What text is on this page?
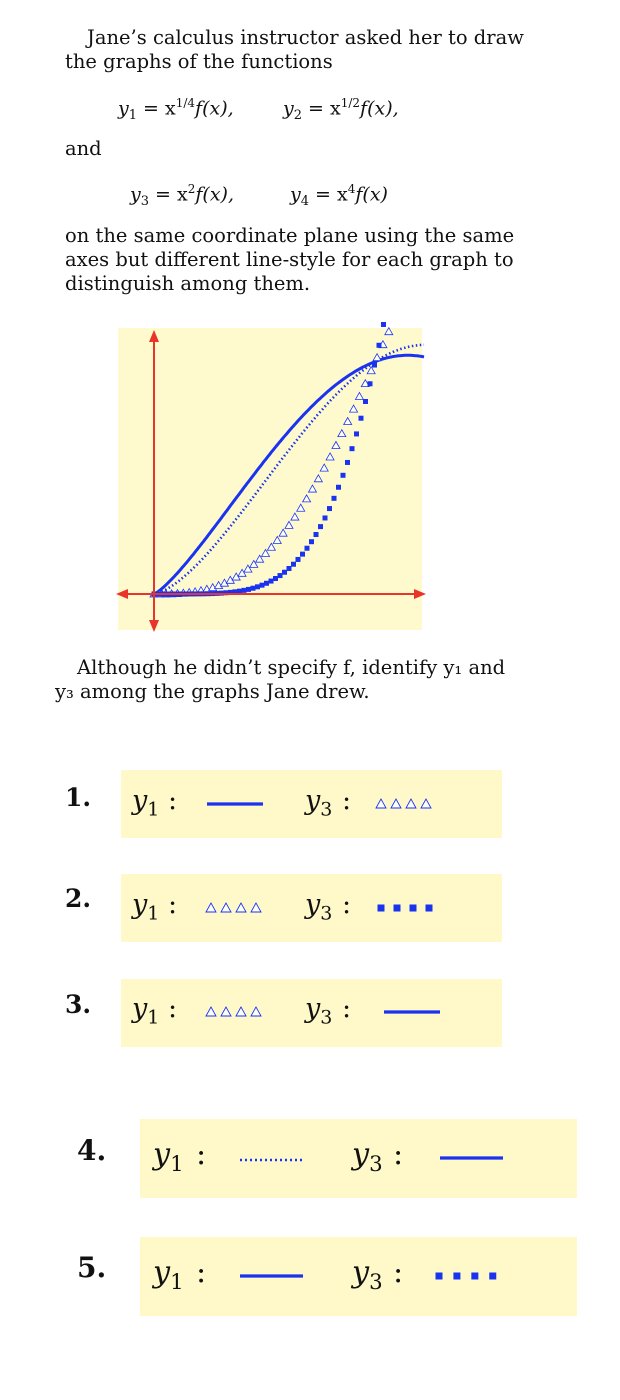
Jane’s calculus instructor asked her to draw the graphs of the functions
$y_1 = x^{1/4}f(x)$,	$y_2 = x^{1/2}f(x)$,
and
$y_3 = x^2f(x)$,	$y_4 = x^4f(x)$
on the same coordinate plane using the same axes but different line-style for each graph to distinguish among them.
Although he didn’t specify f, identify y₁ and y₃ among the graphs Jane drew.
1. $y_1$ :	$y_3$ :
2. $y_1$ :	$y_3$ :
3. $y_1$ :	$y_3$ :
4. $y_1$ :	$y_3$ :
5. $y_1$ :	$y_3$ :
